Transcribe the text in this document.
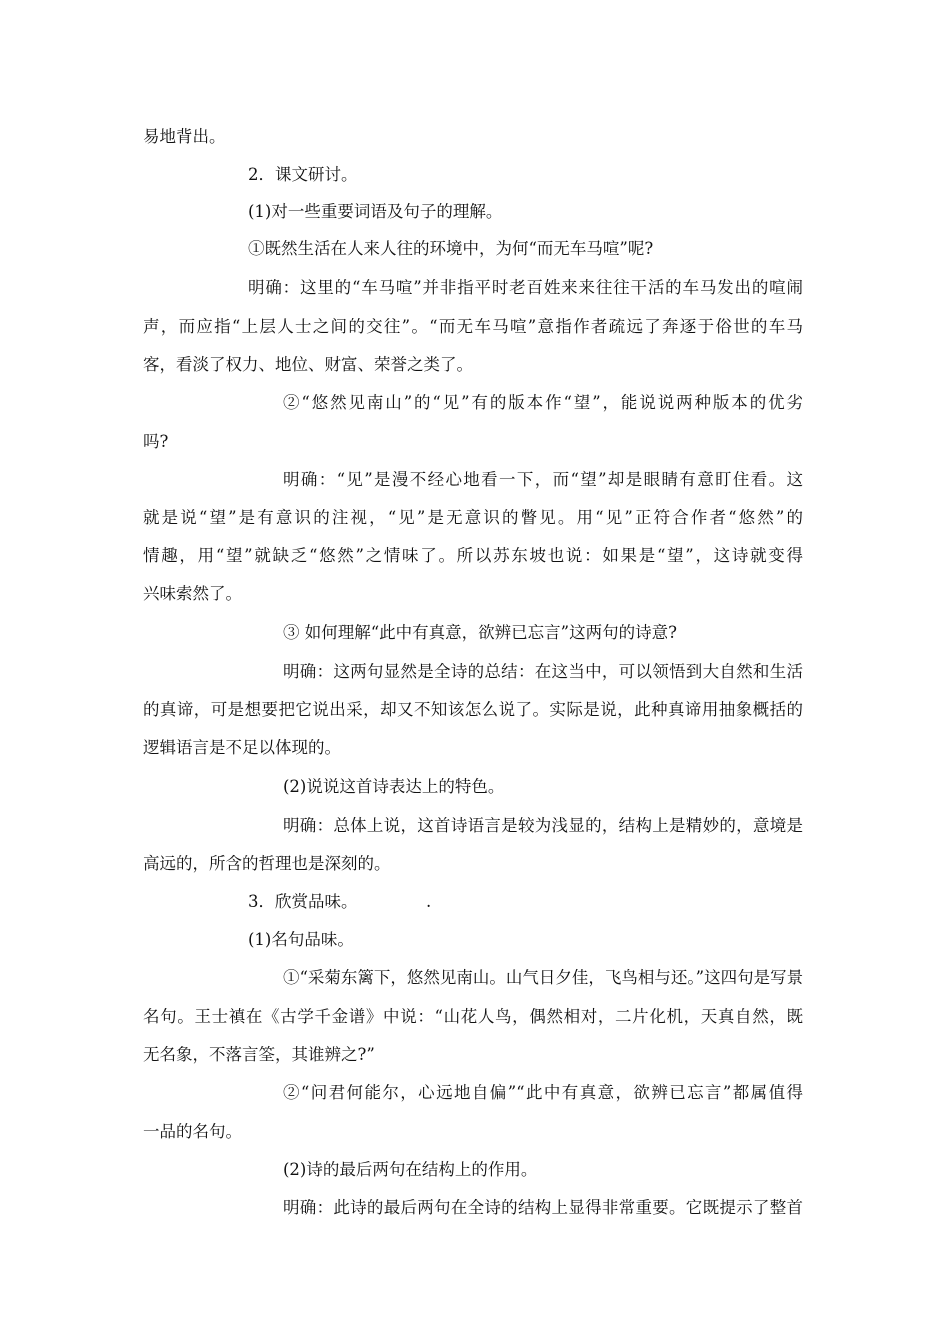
易地背出。
2．课文研讨。
(1)对一些重要词语及句子的理解。
①既然生活在人来人往的环境中，为何“而无车马喧”呢?
明确：这里的“车马喧”并非指平时老百姓来来往往干活的车马发出的喧闹
声，而应指“上层人士之间的交往”。“而无车马喧”意指作者疏远了奔逐于俗世的车马
客，看淡了权力、地位、财富、荣誉之类了。
②“悠然见南山”的“见”有的版本作“望”，能说说两种版本的优劣
吗?
明确：“见”是漫不经心地看一下，而“望”却是眼睛有意盯住看。这
就是说“望”是有意识的注视，“见”是无意识的瞥见。用“见”正符合作者“悠然”的
情趣，用“望”就缺乏“悠然”之情味了。所以苏东坡也说：如果是“望”，这诗就变得
兴味索然了。
③ 如何理解“此中有真意，欲辨已忘言”这两句的诗意?
明确：这两句显然是全诗的总结：在这当中，可以领悟到大自然和生活
的真谛，可是想要把它说出采，却又不知该怎么说了。实际是说，此种真谛用抽象概括的
逻辑语言是不足以体现的。
(2)说说这首诗表达上的特色。
明确：总体上说，这首诗语言是较为浅显的，结构上是精妙的，意境是
高远的，所含的哲理也是深刻的。
3．欣赏品味。	.
(1)名句品味。
①“采菊东篱下，悠然见南山。山气日夕佳，飞鸟相与还。”这四句是写景
名句。王士禛在《古学千金谱》中说：“山花人鸟，偶然相对，二片化机，天真自然，既
无名象，不落言筌，其谁辨之?”
②“问君何能尔，心远地自偏”“此中有真意，欲辨已忘言”都属值得
一品的名句。
(2)诗的最后两句在结构上的作用。
明确：此诗的最后两句在全诗的结构上显得非常重要。它既提示了整首
